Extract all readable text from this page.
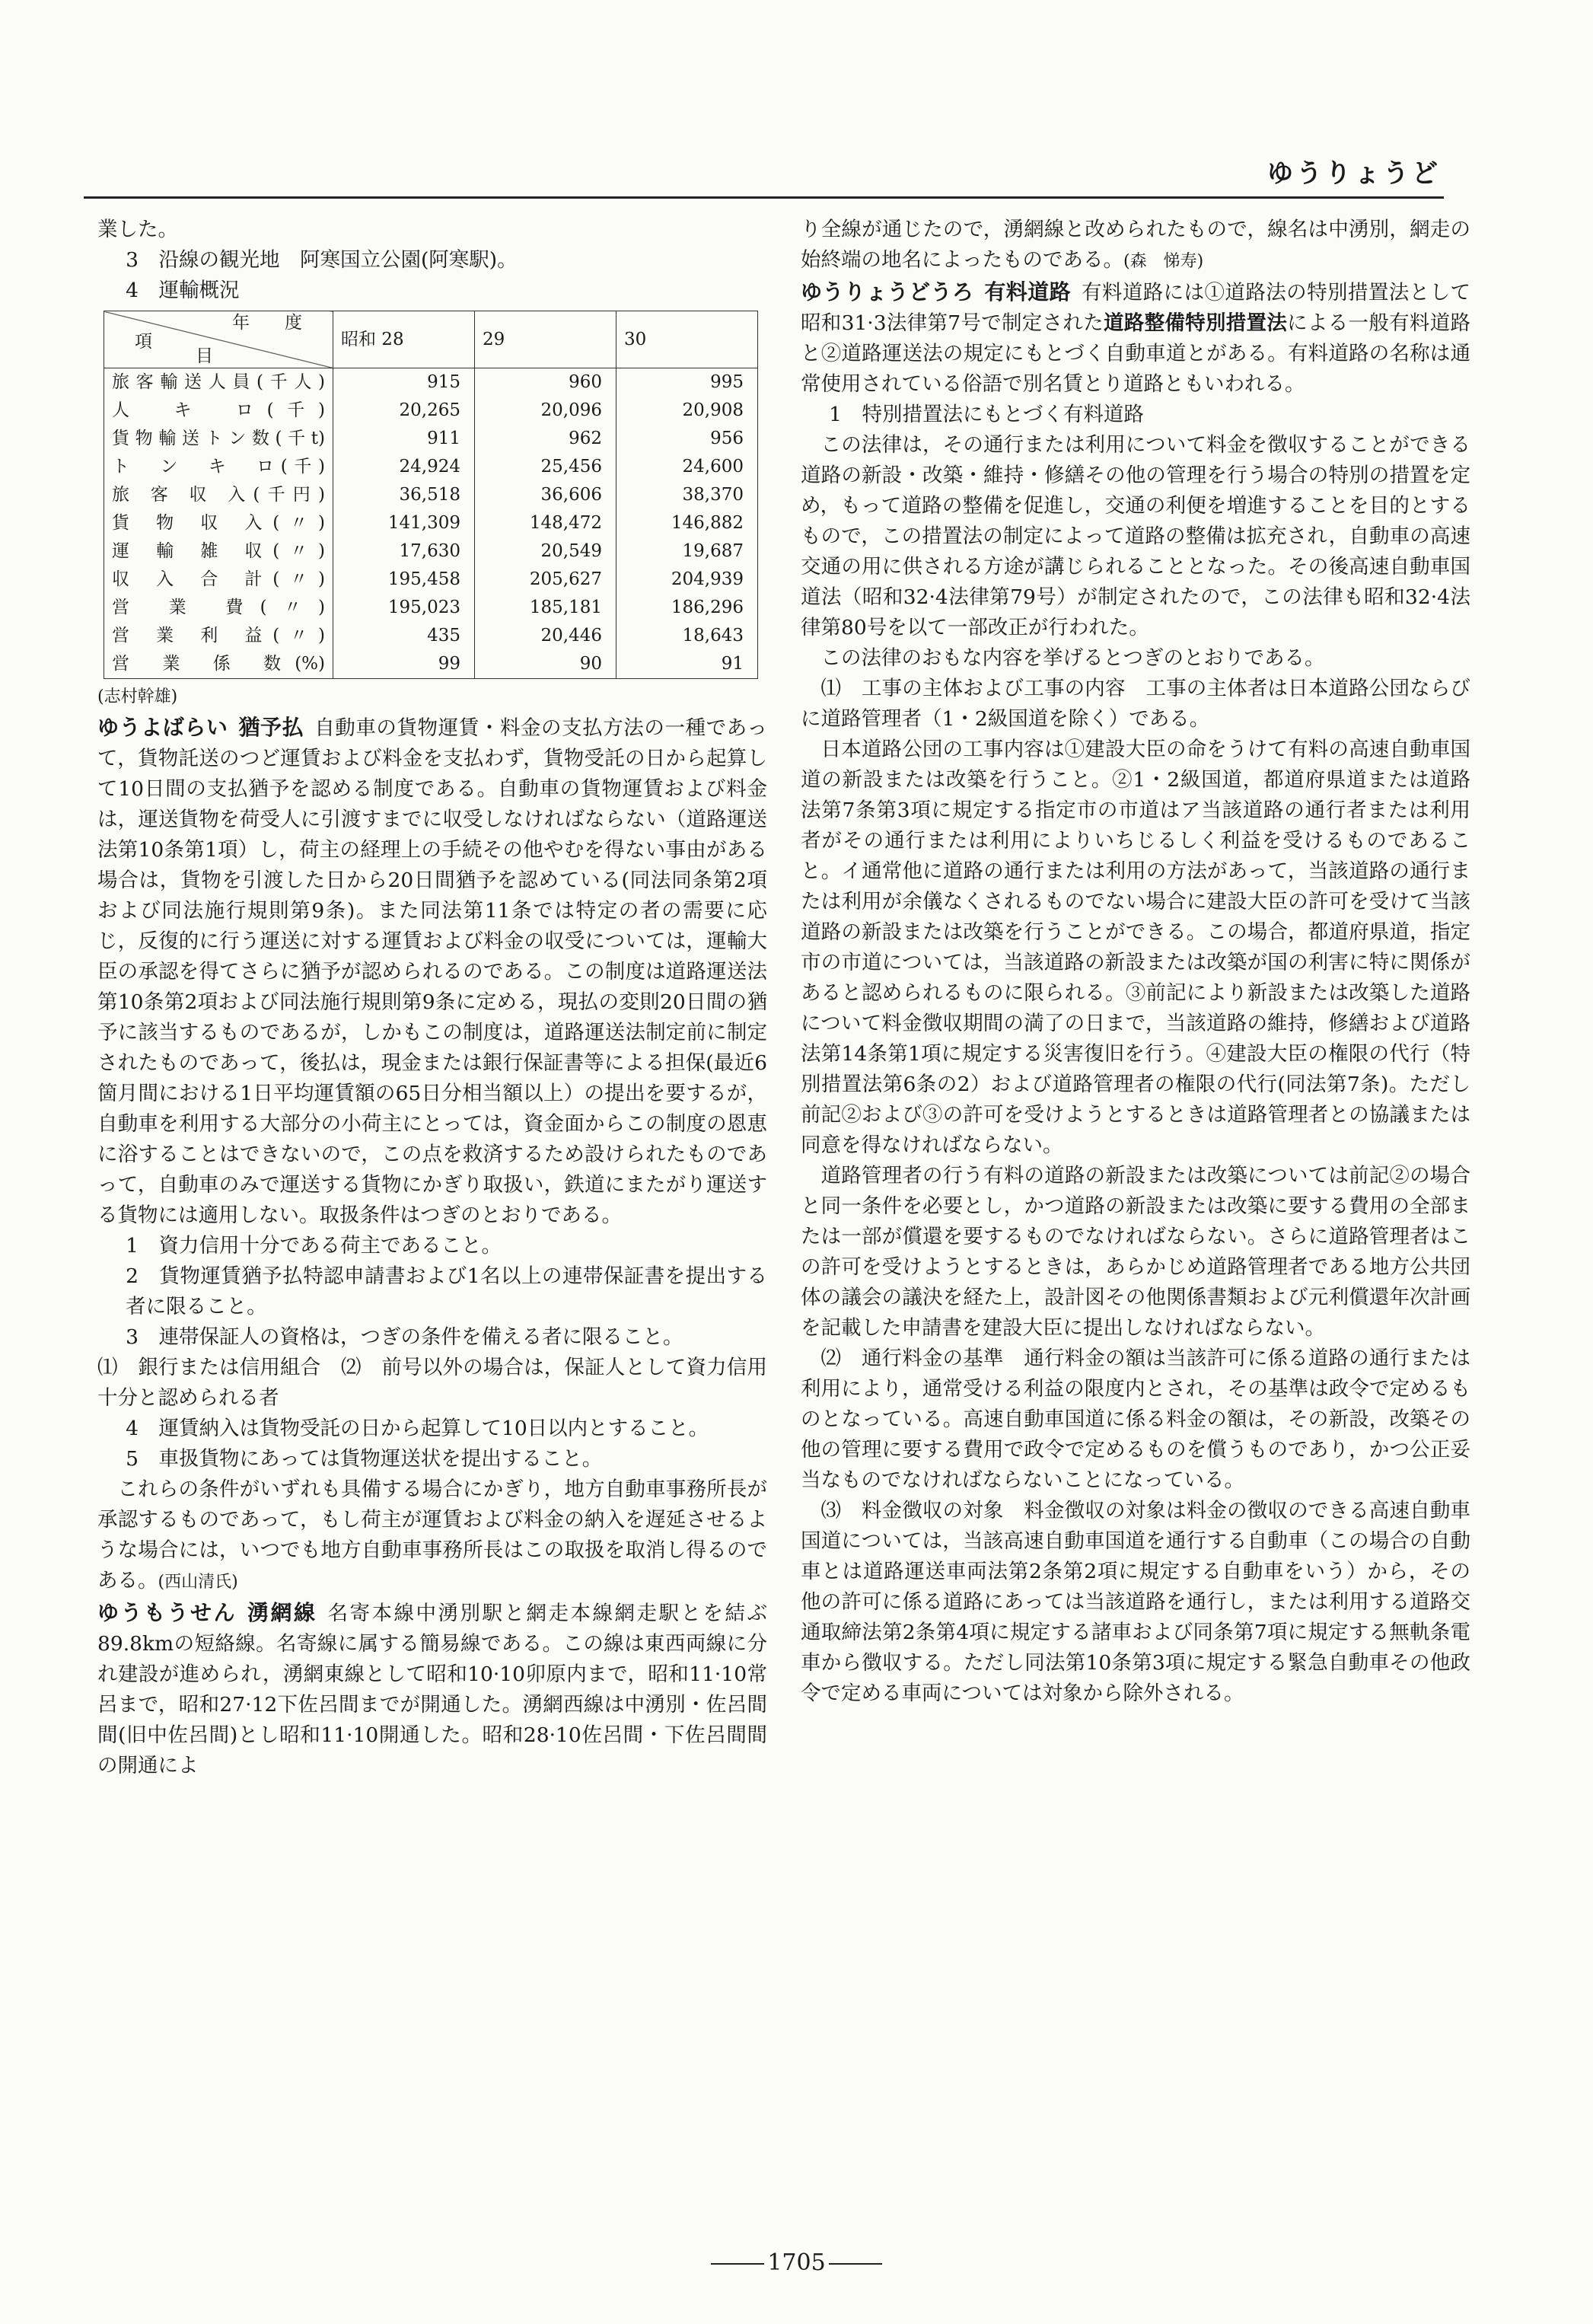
ゆうりょうど

業した。

3　沿線の観光地　阿寒国立公園(阿寒駅)。

4　運輸概況

年　　 度
項
目	昭和 28	29	30
旅客輸送人員(千人)	915	960	995
人　キ　ロ(千)	20,265	20,096	20,908
貨物輸送トン数(千t)	911	962	956
ト　ン　キ　ロ(千)	24,924	25,456	24,600
旅 客 収 入(千円)	36,518	36,606	38,370
貨 物 収 入(〃)	141,309	148,472	146,882
運 輸 雑 収(〃)	17,630	20,549	19,687
収 入 合 計(〃)	195,458	205,627	204,939
営 業 費(〃)	195,023	185,181	186,296
営 業 利 益(〃)	435	20,446	18,643
営 業 係 数(%)	99	90	91

(志村幹雄)

ゆうよばらい 猶予払 自動車の貨物運賃・料金の支払方法の一種であって，貨物託送のつど運賃および料金を支払わず，貨物受託の日から起算して10日間の支払猶予を認める制度である。自動車の貨物運賃および料金は，運送貨物を荷受人に引渡すまでに収受しなければならない（道路運送法第10条第1項）し，荷主の経理上の手続その他やむを得ない事由がある場合は，貨物を引渡した日から20日間猶予を認めている(同法同条第2項および同法施行規則第9条)。また同法第11条では特定の者の需要に応じ，反復的に行う運送に対する運賃および料金の収受については，運輸大臣の承認を得てさらに猶予が認められるのである。この制度は道路運送法第10条第2項および同法施行規則第9条に定める，現払の変則20日間の猶予に該当するものであるが，しかもこの制度は，道路運送法制定前に制定されたものであって，後払は，現金または銀行保証書等による担保(最近6箇月間における1日平均運賃額の65日分相当額以上）の提出を要するが，自動車を利用する大部分の小荷主にとっては，資金面からこの制度の恩恵に浴することはできないので，この点を救済するため設けられたものであって，自動車のみで運送する貨物にかぎり取扱い，鉄道にまたがり運送する貨物には適用しない。取扱条件はつぎのとおりである。

1　資力信用十分である荷主であること。

2　貨物運賃猶予払特認申請書および1名以上の連帯保証書を提出する者に限ること。

3　連帯保証人の資格は，つぎの条件を備える者に限ること。

⑴　銀行または信用組合　⑵　前号以外の場合は，保証人として資力信用十分と認められる者

4　運賃納入は貨物受託の日から起算して10日以内とすること。

5　車扱貨物にあっては貨物運送状を提出すること。

これらの条件がいずれも具備する場合にかぎり，地方自動車事務所長が承認するものであって，もし荷主が運賃および料金の納入を遅延させるような場合には，いつでも地方自動車事務所長はこの取扱を取消し得るのである。(西山清氏)

ゆうもうせん 湧網線 名寄本線中湧別駅と網走本線網走駅とを結ぶ89.8kmの短絡線。名寄線に属する簡易線である。この線は東西両線に分れ建設が進められ，湧網東線として昭和10·10卯原内まで，昭和11·10常呂まで，昭和27·12下佐呂間までが開通した。湧網西線は中湧別・佐呂間間(旧中佐呂間)とし昭和11·10開通した。昭和28·10佐呂間・下佐呂間間の開通によ

り全線が通じたので，湧網線と改められたもので，線名は中湧別，網走の始終端の地名によったものである。(森　悌寿)

ゆうりょうどうろ 有料道路 有料道路には①道路法の特別措置法として昭和31·3法律第7号で制定された道路整備特別措置法による一般有料道路と②道路運送法の規定にもとづく自動車道とがある。有料道路の名称は通常使用されている俗語で別名賃とり道路ともいわれる。

1　特別措置法にもとづく有料道路

この法律は，その通行または利用について料金を徴収することができる道路の新設・改築・維持・修繕その他の管理を行う場合の特別の措置を定め，もって道路の整備を促進し，交通の利便を増進することを目的とするもので，この措置法の制定によって道路の整備は拡充され，自動車の高速交通の用に供される方途が講じられることとなった。その後高速自動車国道法（昭和32·4法律第79号）が制定されたので，この法律も昭和32·4法律第80号を以て一部改正が行われた。

この法律のおもな内容を挙げるとつぎのとおりである。

⑴　工事の主体および工事の内容　工事の主体者は日本道路公団ならびに道路管理者（1・2級国道を除く）である。

日本道路公団の工事内容は①建設大臣の命をうけて有料の高速自動車国道の新設または改築を行うこと。②1・2級国道，都道府県道または道路法第7条第3項に規定する指定市の市道はア当該道路の通行者または利用者がその通行または利用によりいちじるしく利益を受けるものであること。イ通常他に道路の通行または利用の方法があって，当該道路の通行または利用が余儀なくされるものでない場合に建設大臣の許可を受けて当該道路の新設または改築を行うことができる。この場合，都道府県道，指定市の市道については，当該道路の新設または改築が国の利害に特に関係があると認められるものに限られる。③前記により新設または改築した道路について料金徴収期間の満了の日まで，当該道路の維持，修繕および道路法第14条第1項に規定する災害復旧を行う。④建設大臣の権限の代行（特別措置法第6条の2）および道路管理者の権限の代行(同法第7条)。ただし前記②および③の許可を受けようとするときは道路管理者との協議または同意を得なければならない。

道路管理者の行う有料の道路の新設または改築については前記②の場合と同一条件を必要とし，かつ道路の新設または改築に要する費用の全部または一部が償還を要するものでなければならない。さらに道路管理者はこの許可を受けようとするときは，あらかじめ道路管理者である地方公共団体の議会の議決を経た上，設計図その他関係書類および元利償還年次計画を記載した申請書を建設大臣に提出しなければならない。

⑵　通行料金の基準　通行料金の額は当該許可に係る道路の通行または利用により，通常受ける利益の限度内とされ，その基準は政令で定めるものとなっている。高速自動車国道に係る料金の額は，その新設，改築その他の管理に要する費用で政令で定めるものを償うものであり，かつ公正妥当なものでなければならないことになっている。

⑶　料金徴収の対象　料金徴収の対象は料金の徴収のできる高速自動車国道については，当該高速自動車国道を通行する自動車（この場合の自動車とは道路運送車両法第2条第2項に規定する自動車をいう）から，その他の許可に係る道路にあっては当該道路を通行し，または利用する道路交通取締法第2条第4項に規定する諸車および同条第7項に規定する無軌条電車から徴収する。ただし同法第10条第3項に規定する緊急自動車その他政令で定める車両については対象から除外される。

1705
